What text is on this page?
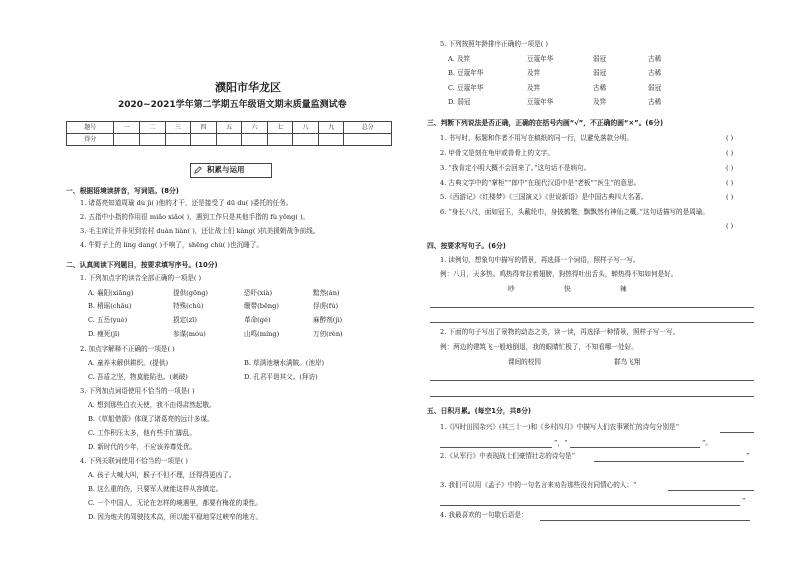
濮阳市华龙区
2020~2021学年第二学期五年级语文期末质量监测试卷
题号	一	二	三	四	五	六	七	八	九	总分
得分										
积累与运用
一、根据语境读拼音，写词语。(8分)
1. 诸葛亮知道周瑜 dù jì( )他的才干，还是接受了 dū du( )委托的任务。
2. 五指中小指的作用很 miǎo xiǎo( )，遇到工作只是其他手指的 fù yōng( )。
3. 毛主席让并非见到农村 duàn liàn( )，还让战士们 kàng( )抗美援朝战争前线。
4. 牛野子上的 líng dang( )不响了，shēng chù( )也沉睡了。
二、认真阅读下列题目，按要求填写序号。(10分)
1. 下列加点字的读音全部正确的一项是( )
A. 襄阳(xiāng)	提供(gōng)	恐吓(xià)	黯然(àn)
B. 稍瑶(chāu)	特殊(chǔ)	绷带(bēng)	俘虏(fú)
C. 五岳(yuè)	损定(zī)	革命(gé)	麻醉剂(jì)
D. 瘦死(jī)	参谋(móu)	山鸣(míng)	万仞(rèn)
2. 加点字解释不正确的一项是( )
A. 童养未解供耕织。(提供)	B. 草满池塘水满陂。(池岸)
C. 吾盾之坚，物莫能陷也。(刺破)	D. 孔君平诣其父。(拜访)
3. 下列加点词语使用不恰当的一项是( )
A. 想到那些白衣天使，我不由得肃然起敬。
B.《草船借箭》体现了诸葛亮的远计多谋。
C. 工作积压太多，他有些手忙脚乱。
D. 新时代的少年，不应该养尊处优。
4. 下列关联词使用不恰当的一项是( )
A. 孩子大喊大叫，猴子不但不理，还得得更凶了。
B. 这么重的伤，只要军人就能这样从容镇定。
C. 一个中国人，无论在怎样的境遇里，都要有梅花的秉性。
D. 因为炮夫的驾驶技术高，所以能平稳地穿过峡窄的地方。
5. 下列按照年龄排序正确的一项是( )
A. 及笄	豆蔻年华	弱冠	古稀
B. 豆蔻年华	及笄	弱冠	古稀
C. 豆蔻年华	及笄	古稀	弱冠
D. 弱冠	豆蔻年华	及笄	古稀
三、判断下列说法是否正确，正确的在括号内画“√”，不正确的画“×”。(6分)
1. 书写时，标题和作者不用写在稿纸的同一行，以避免落款分明。	( )
2. 甲骨文是刻在龟甲或兽骨上的文字。	( )
3. “我肯定小明大概不会回来了。”这句话不是病句。	( )
4. 古典文学中的“掌柜”“郎中”在现代汉语中是“老板”“医生”的意思。	( )
5.《西游记》《红楼梦》《三国演义》《世说新语》是中国古典四大名著。	( )
6. “身长八尺，面如冠玉，头戴纶巾，身披鹤氅，飘飘然有神仙之概。”这句话描写的是周瑜。
( )
四、按要求写句子。(6分)
1. 读例句，想象句中描写的情景，再选择一个词语，照样子写一写。
例：八月，天多热。鸡热得耷拉着翅膀，狗热得吐出舌头，蝉热得不知如何是好。
吵	快	辣
2. 下面的句子写出了景物的动态之美，读一读，再选择一种情景，照样子写一写。
例：两边的建筑飞一般地倒退，我的眼睛忙极了，不知看哪一处好。
课间的校园	群鸟飞翔
五、日积月累。(每空1分，共8分)
1.《四时田园杂兴》(其三十一)和《乡村四月》中描写人们农事紧忙的诗句分别是“
”，“	”。
2.《从军行》中表现战士们豪情壮志的诗句是“	”
3. 我们可以用《孟子》中的一句名言来劝告那些没有同情心的人：“
”
4. 我最喜欢的一句歇后语是：
